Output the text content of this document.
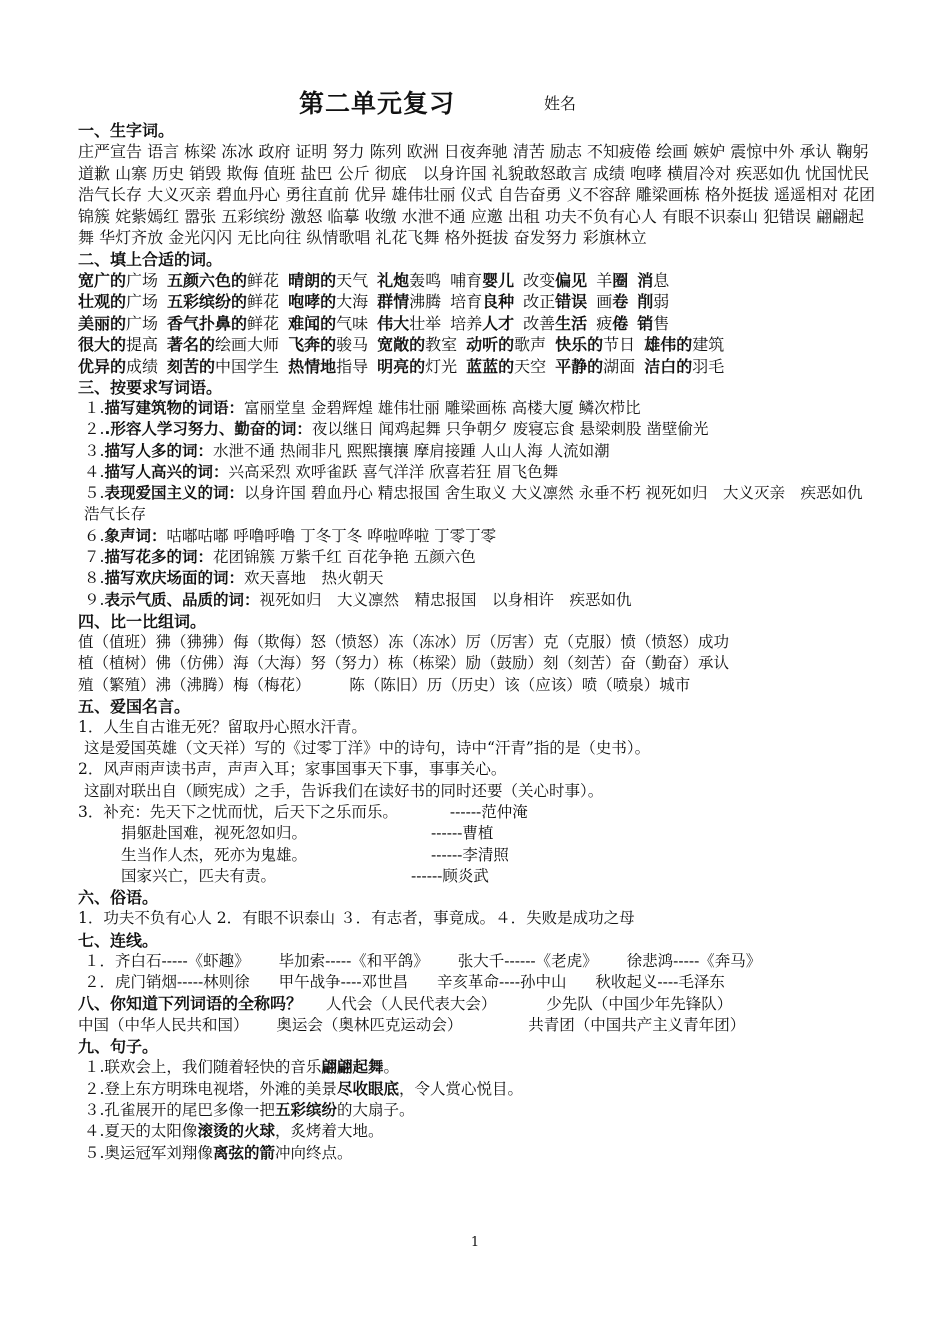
第二单元复习	姓名
一、生字词。
庄严宣告 语言 栋梁 冻冰 政府 证明 努力 陈列 欧洲 日夜奔驰 清苦 励志 不知疲倦 绘画 嫉妒 震惊中外 承认 鞠躬 道歉 山寨 历史 销毁 欺侮 值班 盐巴 公斤 彻底　以身许国 礼貌敢怒敢言 成绩 咆哮 横眉冷对 疾恶如仇 忧国忧民 浩气长存 大义灭亲 碧血丹心 勇往直前 优异 雄伟壮丽 仪式 自告奋勇 义不容辞 雕梁画栋 格外挺拔 遥遥相对 花团锦簇 姹紫嫣红 嚣张 五彩缤纷 激怒 临摹 收缴 水泄不通 应邀 出租 功夫不负有心人 有眼不识泰山 犯错误 翩翩起舞 华灯齐放 金光闪闪 无比向往 纵情歌唱 礼花飞舞 格外挺拔 奋发努力 彩旗林立
二、填上合适的词。
宽广的广场 五颜六色的鲜花 晴朗的天气 礼炮轰鸣 哺育婴儿 改变偏见 羊圈 消息
壮观的广场 五彩缤纷的鲜花 咆哮的大海 群情沸腾 培育良种 改正错误 画卷 削弱
美丽的广场 香气扑鼻的鲜花 难闻的气味 伟大壮举 培养人才 改善生活 疲倦 销售
很大的提高 著名的绘画大师 飞奔的骏马 宽敞的教室 动听的歌声 快乐的节日 雄伟的建筑
优异的成绩 刻苦的中国学生 热情地指导 明亮的灯光 蓝蓝的天空 平静的湖面 洁白的羽毛
三、按要求写词语。
１.描写建筑物的词语：富丽堂皇 金碧辉煌 雄伟壮丽 雕梁画栋 高楼大厦 鳞次栉比
２..形容人学习努力、勤奋的词：夜以继日 闻鸡起舞 只争朝夕 废寝忘食 悬梁刺股 凿壁偷光
３.描写人多的词：水泄不通 热闹非凡 熙熙攘攘 摩肩接踵 人山人海 人流如潮
４.描写人高兴的词：兴高采烈 欢呼雀跃 喜气洋洋 欣喜若狂 眉飞色舞
５.表现爱国主义的词：以身许国 碧血丹心 精忠报国 舍生取义 大义凛然 永垂不朽 视死如归　大义灭亲　疾恶如仇　浩气长存
６.象声词：咕嘟咕嘟 呼噜呼噜 丁冬丁冬 哗啦哗啦 丁零丁零
７.描写花多的词：花团锦簇 万紫千红 百花争艳 五颜六色
８.描写欢庆场面的词：欢天喜地　热火朝天
９.表示气质、品质的词：视死如归　大义凛然　精忠报国　以身相许　疾恶如仇
四、比一比组词。
值（值班）狒（狒狒）侮（欺侮）怒（愤怒）冻（冻冰）厉（厉害）克（克服）愤（愤怒）成功
植（植树）佛（仿佛）海（大海）努（努力）栋（栋梁）励（鼓励）刻（刻苦）奋（勤奋）承认
殖（繁殖）沸（沸腾）梅（梅花）　　　陈（陈旧）历（历史）该（应该）喷（喷泉）城市
五、爱国名言。
1．人生自古谁无死？留取丹心照水汗青。
这是爱国英雄（文天祥）写的《过零丁洋》中的诗句，诗中“汗青”指的是（史书）。
2．风声雨声读书声，声声入耳；家事国事天下事，事事关心。
这副对联出自（顾宪成）之手，告诉我们在读好书的同时还要（关心时事）。
3．补充：先天下之忧而忧，后天下之乐而乐。	------范仲淹
捐躯赴国难，视死忽如归。	------曹植
生当作人杰，死亦为鬼雄。	------李清照
国家兴亡，匹夫有责。	------顾炎武
六、俗语。
1．功夫不负有心人 2．有眼不识泰山 ３．有志者，事竟成。４．失败是成功之母
七、连线。
１．齐白石-----《虾趣》 毕加索-----《和平鸽》 张大千------《老虎》 徐悲鸿-----《奔马》
２．虎门销烟-----林则徐 甲午战争----邓世昌 辛亥革命----孙中山 秋收起义----毛泽东
八、你知道下列词语的全称吗？ 人代会（人民代表大会）	少先队（中国少年先锋队）
中国（中华人民共和国） 奥运会（奥林匹克运动会）	共青团（中国共产主义青年团）
九、句子。
１.联欢会上，我们随着轻快的音乐翩翩起舞。
２.登上东方明珠电视塔，外滩的美景尽收眼底，令人赏心悦目。
３.孔雀展开的尾巴多像一把五彩缤纷的大扇子。
４.夏天的太阳像滚烫的火球，炙烤着大地。
５.奥运冠军刘翔像离弦的箭冲向终点。
1
